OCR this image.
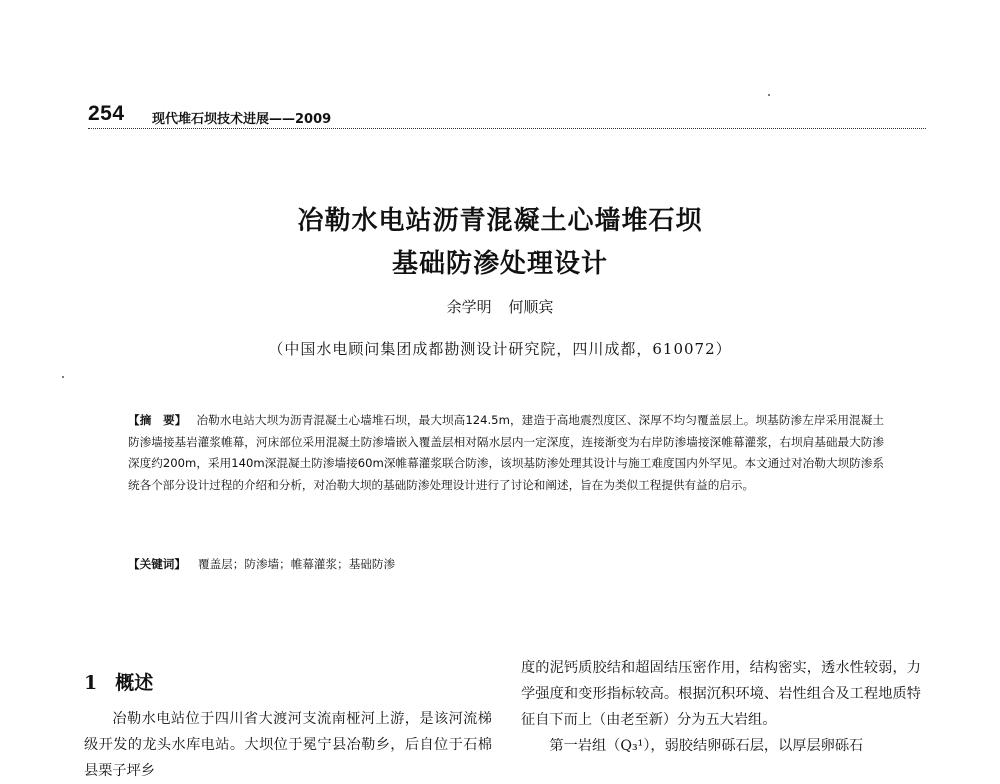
254 现代堆石坝技术进展——2009
冶勒水电站沥青混凝土心墙堆石坝
基础防渗处理设计
余学明 何顺宾
（中国水电顾问集团成都勘测设计研究院，四川成都，610072）
【摘　要】 冶勒水电站大坝为沥青混凝土心墙堆石坝，最大坝高124.5m，建造于高地震烈度区、深厚不均匀覆盖层上。坝基防渗左岸采用混凝土防渗墙接基岩灌浆帷幕，河床部位采用混凝土防渗墙嵌入覆盖层相对隔水层内一定深度，连接渐变为右岸防渗墙接深帷幕灌浆，右坝肩基础最大防渗深度约200m，采用140m深混凝土防渗墙接60m深帷幕灌浆联合防渗，该坝基防渗处理其设计与施工难度国内外罕见。本文通过对冶勒大坝防渗系统各个部分设计过程的介绍和分析，对冶勒大坝的基础防渗处理设计进行了讨论和阐述，旨在为类似工程提供有益的启示。
【关键词】 覆盖层；防渗墙；帷幕灌浆；基础防渗
1 概述
冶勒水电站位于四川省大渡河支流南桠河上游，是该河流梯级开发的龙头水库电站。大坝位于冕宁县冶勒乡，后自位于石棉县栗子坪乡

度的泥钙质胶结和超固结压密作用，结构密实，透水性较弱，力学强度和变形指标较高。根据沉积环境、岩性组合及工程地质特征自下而上（由老至新）分为五大岩组。

第一岩组（Q₃¹），弱胶结卵砾石层，以厚层卵砾石
